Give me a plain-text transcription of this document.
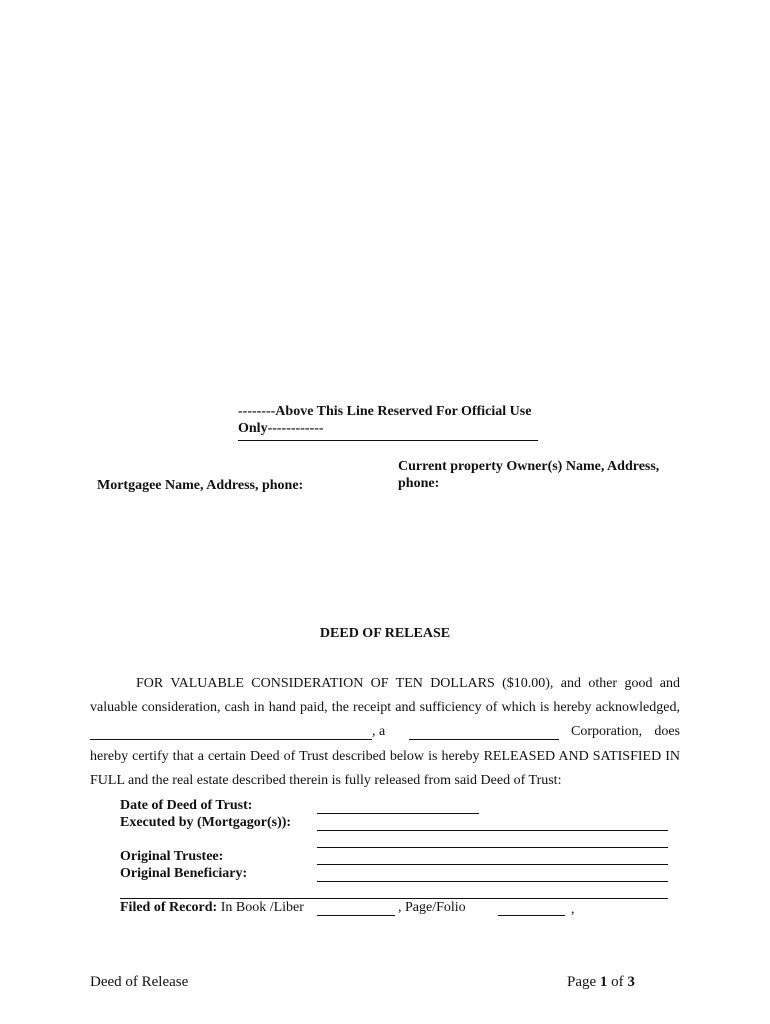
--------Above This Line Reserved For Official Use
Only------------
Current property Owner(s) Name, Address,
phone:
Mortgagee Name, Address, phone:
DEED OF RELEASE
FOR VALUABLE CONSIDERATION OF TEN DOLLARS ($10.00), and other good and
valuable consideration, cash in hand paid, the receipt and sufficiency of which is hereby acknowledged,
, a	Corporation, does
hereby certify that a certain Deed of Trust described below is hereby RELEASED AND SATISFIED IN
FULL and the real estate described therein is fully released from said Deed of Trust:
Date of Deed of Trust:
Executed by (Mortgagor(s)):
Original Trustee:
Original Beneficiary:
Filed of Record: In Book /Liber	, Page/Folio	,
Deed of Release	Page 1 of 3
